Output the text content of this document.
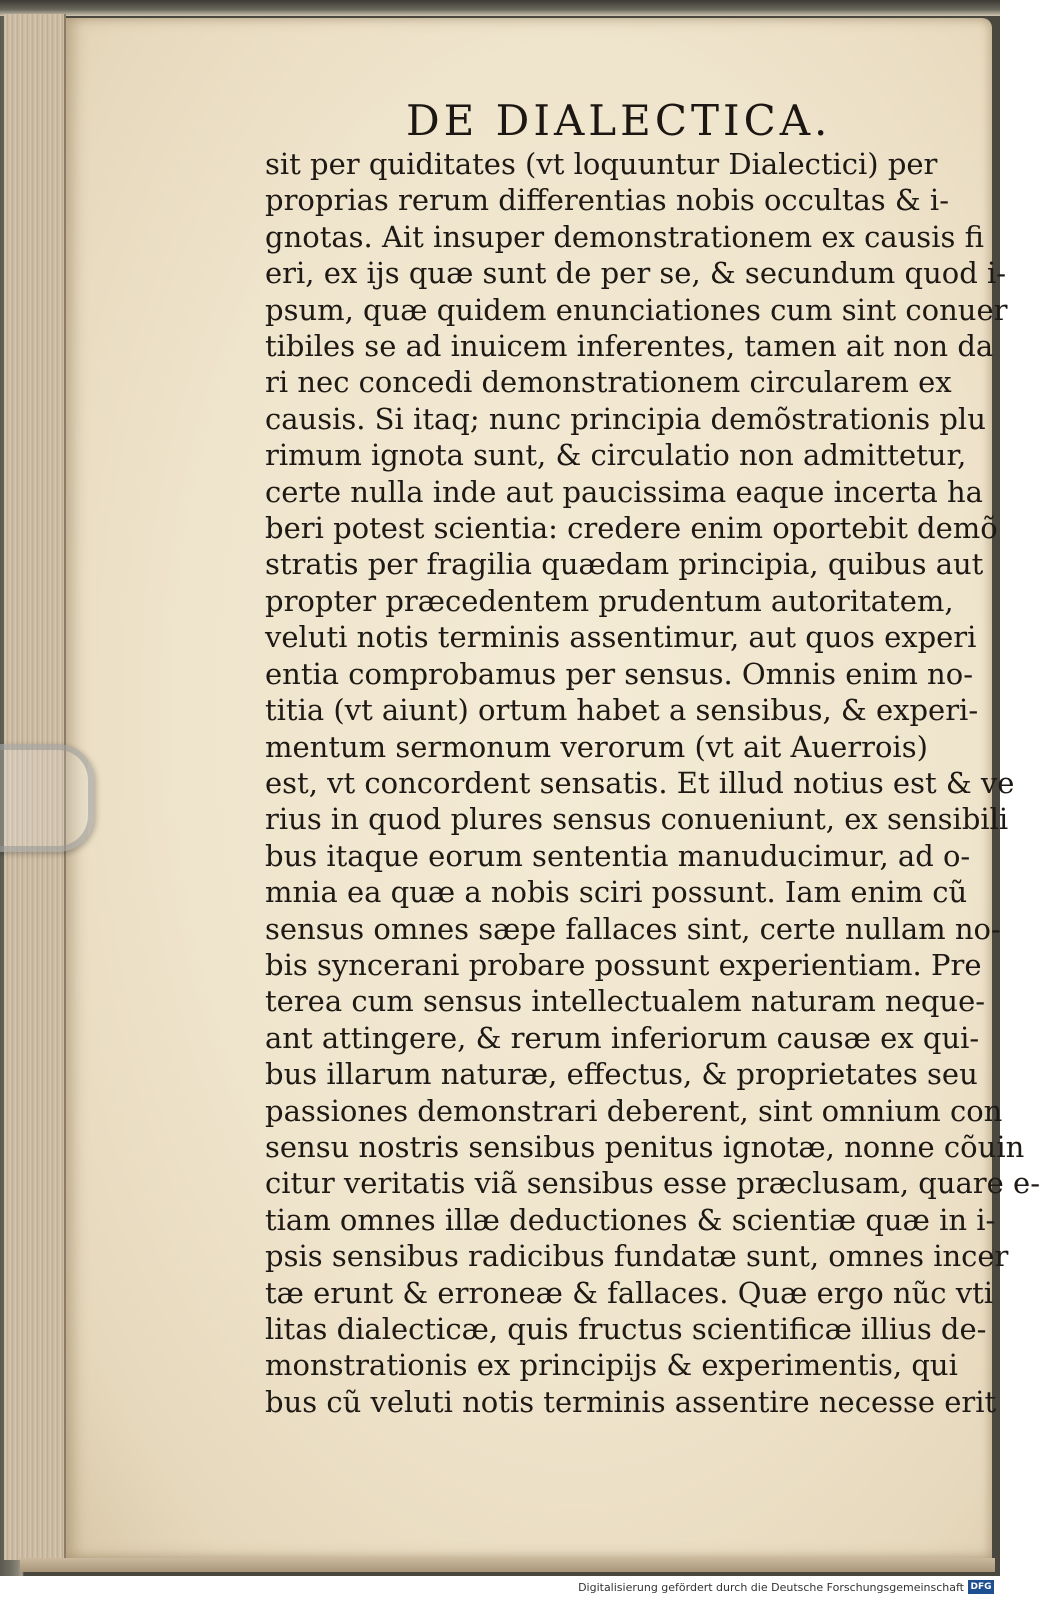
DE DIALECTICA.
sit per quiditates (vt loquuntur Dialectici) per
proprias rerum differentias nobis occultas & i-
gnotas. Ait insuper demonstrationem ex causis fi
eri, ex ijs quæ sunt de per se, & secundum quod i-
psum, quæ quidem enunciationes cum sint conuer
tibiles se ad inuicem inferentes, tamen ait non da
ri nec concedi demonstrationem circularem ex
causis. Si itaq; nunc principia demõstrationis plu
rimum ignota sunt, & circulatio non admittetur,
certe nulla inde aut paucissima eaque incerta ha
beri potest scientia: credere enim oportebit demõ
stratis per fragilia quædam principia, quibus aut
propter præcedentem prudentum autoritatem,
veluti notis terminis assentimur, aut quos experi
entia comprobamus per sensus. Omnis enim no-
titia (vt aiunt) ortum habet a sensibus, & experi-
mentum sermonum verorum (vt ait Auerrois)
est, vt concordent sensatis. Et illud notius est & ve
rius in quod plures sensus conueniunt, ex sensibili
bus itaque eorum sententia manuducimur, ad o-
mnia ea quæ a nobis sciri possunt. Iam enim cũ
sensus omnes sæpe fallaces sint, certe nullam no-
bis syncerani probare possunt experientiam. Pre
terea cum sensus intellectualem naturam neque-
ant attingere, & rerum inferiorum causæ ex qui-
bus illarum naturæ, effectus, & proprietates seu
passiones demonstrari deberent, sint omnium con
sensu nostris sensibus penitus ignotæ, nonne cõuin
citur veritatis viã sensibus esse præclusam, quare e-
tiam omnes illæ deductiones & scientiæ quæ in i-
psis sensibus radicibus fundatæ sunt, omnes incer
tæ erunt & erroneæ & fallaces. Quæ ergo nũc vti
litas dialecticæ, quis fructus scientificæ illius de-
monstrationis ex principijs & experimentis, qui
bus cũ veluti notis terminis assentire necesse erit
Digitalisierung gefördert durch die Deutsche Forschungsgemeinschaft DFG
